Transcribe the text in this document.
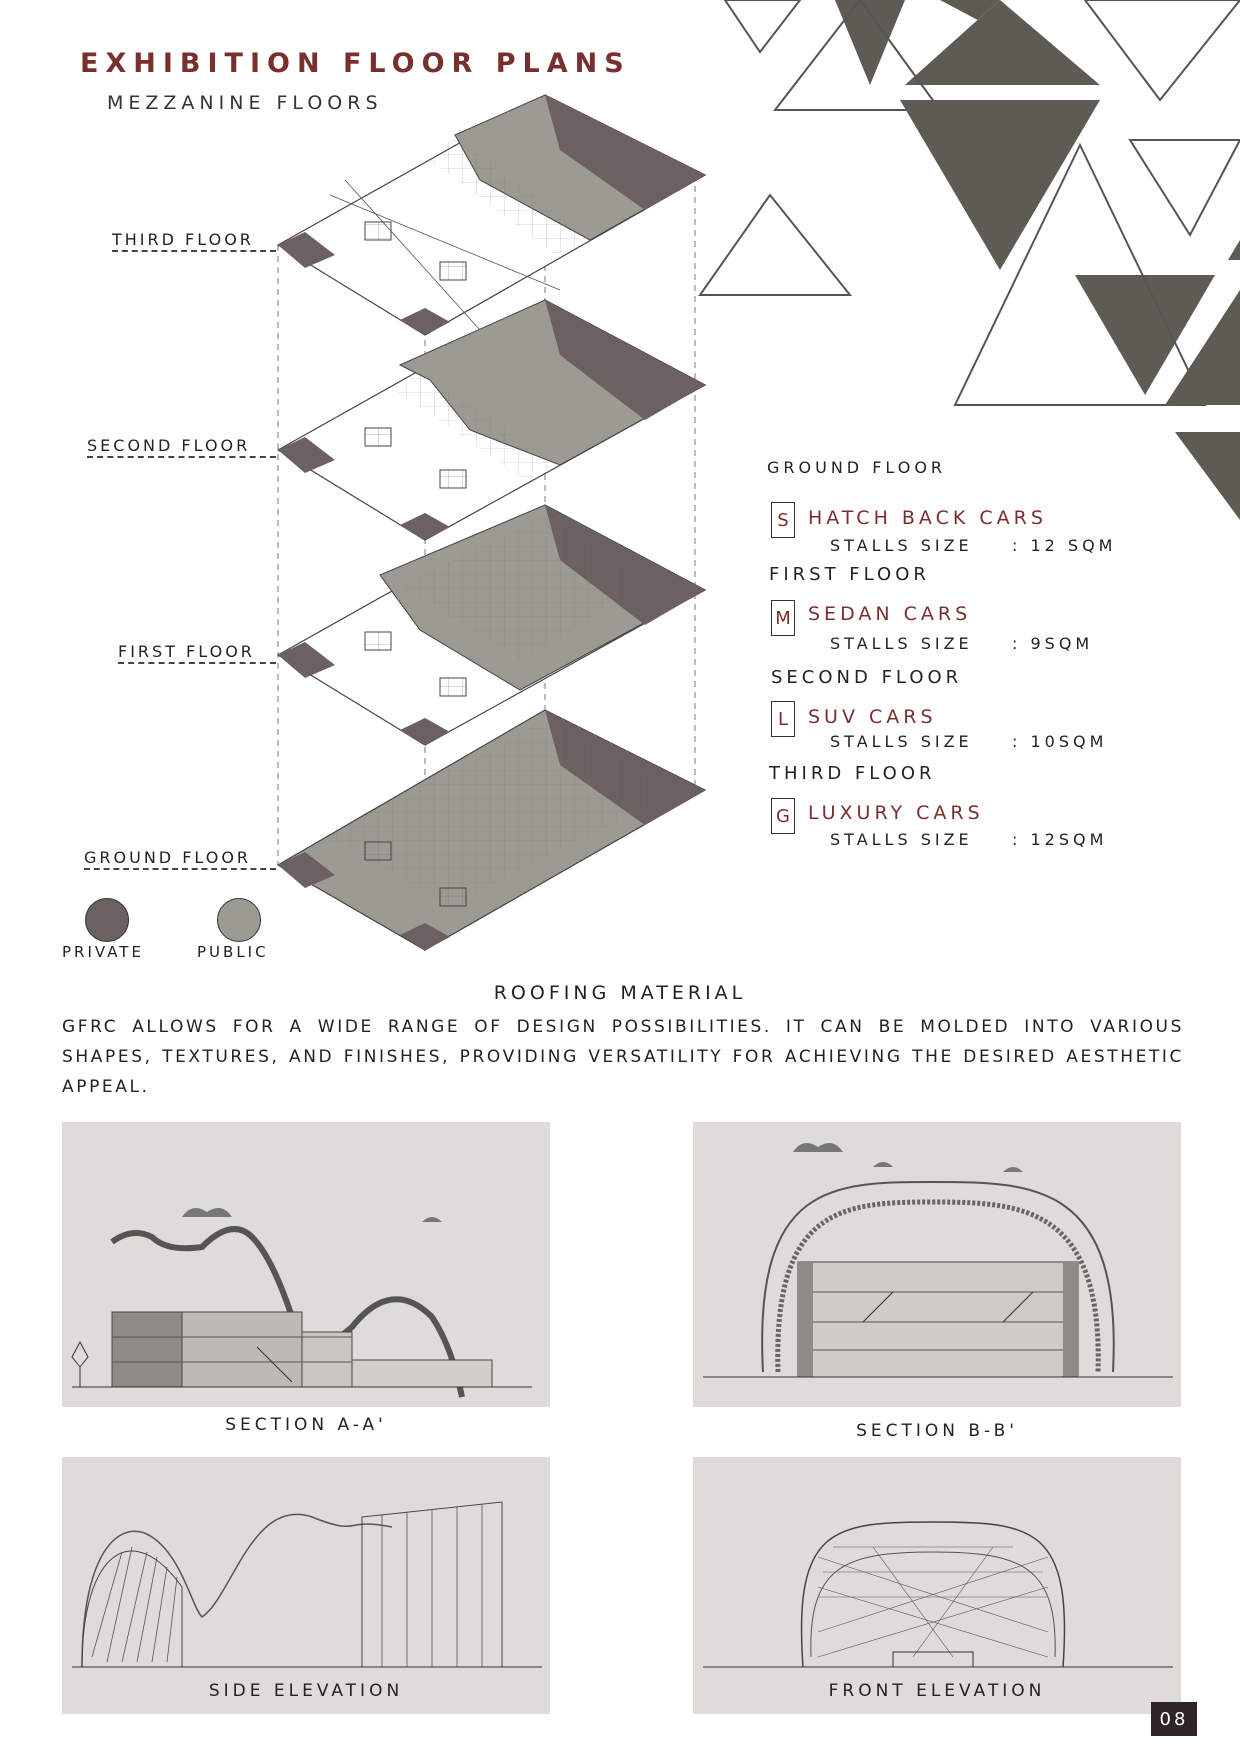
EXHIBITION FLOOR PLANS
MEZZANINE FLOORS
THIRD FLOOR
SECOND FLOOR
FIRST FLOOR
GROUND FLOOR
PRIVATE	PUBLIC
GROUND FLOOR
S	HATCH BACK CARS
STALLS SIZE : 12 SQM
FIRST FLOOR
M SEDAN CARS
STALLS SIZE : 9SQM
SECOND FLOOR
L	SUV CARS
STALLS SIZE : 10SQM
THIRD FLOOR
G LUXURY CARS
STALLS SIZE : 12SQM
ROOFING MATERIAL
GFRC ALLOWS FOR A WIDE RANGE OF DESIGN POSSIBILITIES. IT CAN BE MOLDED INTO VARIOUS SHAPES, TEXTURES, AND FINISHES, PROVIDING VERSATILITY FOR ACHIEVING THE DESIRED AESTHETIC APPEAL.
SECTION A-A'	SECTION B-B'
SIDE ELEVATION	FRONT ELEVATION
08
